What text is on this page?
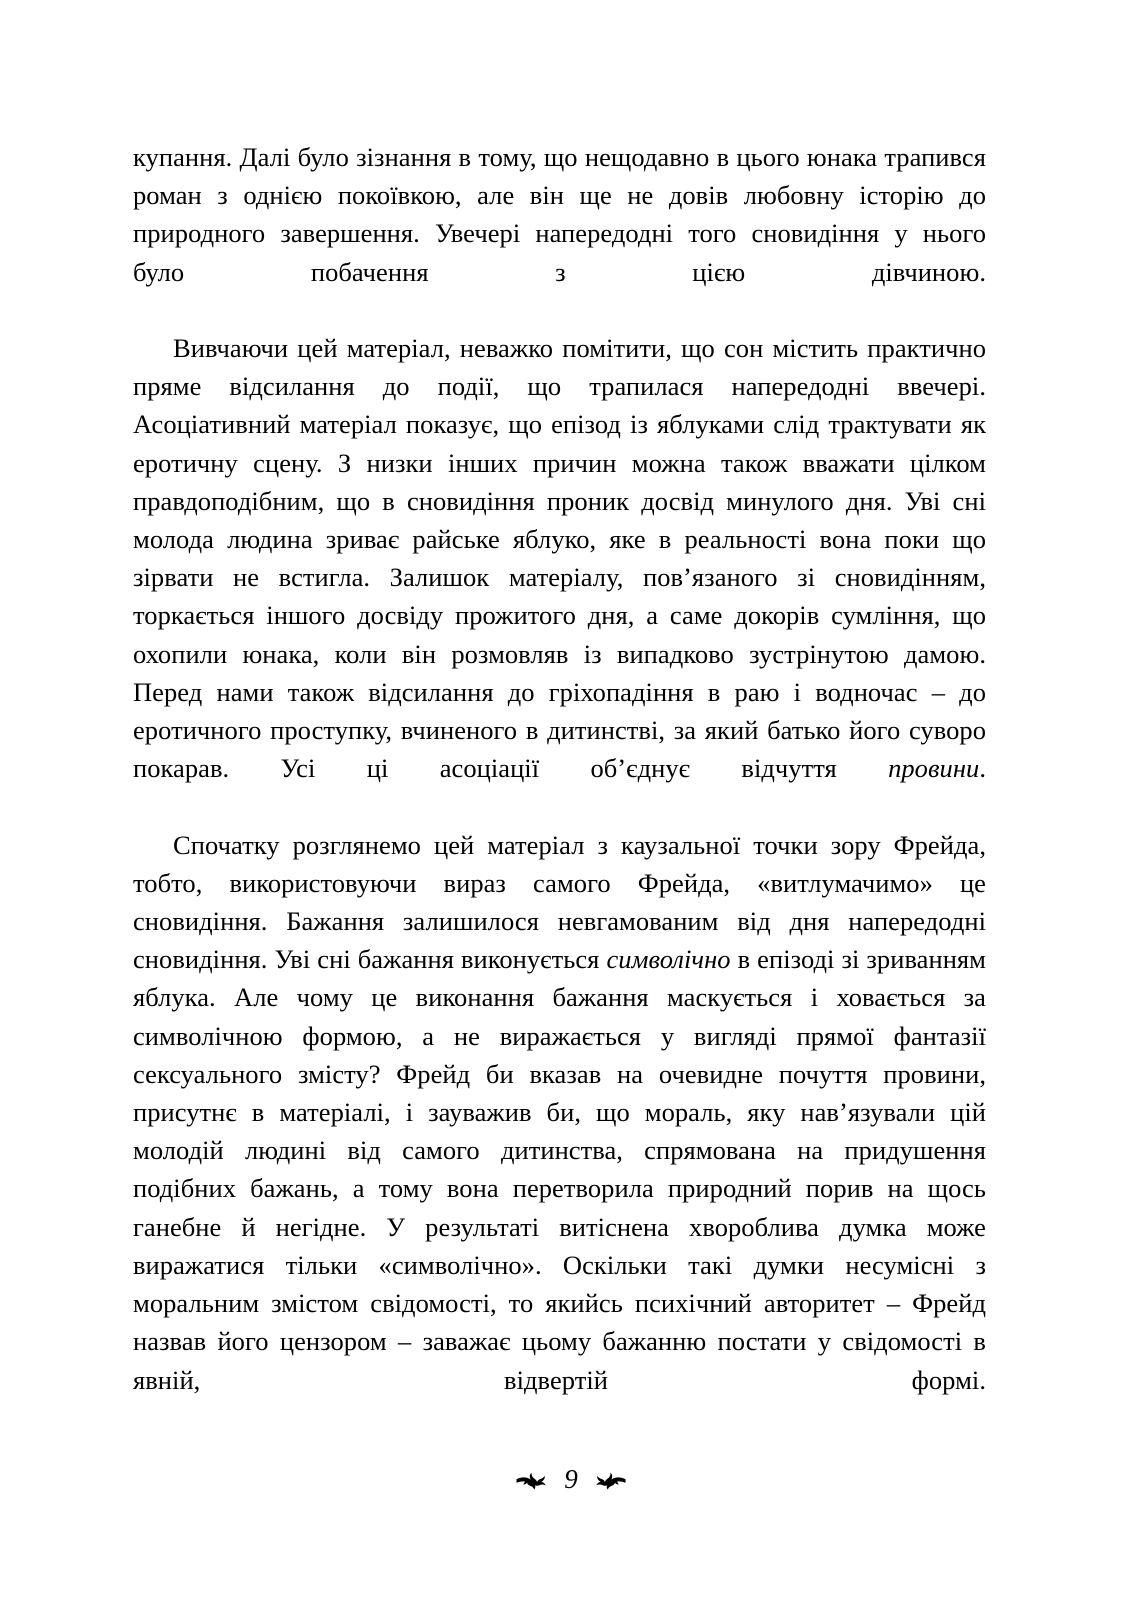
купання. Далі було зізнання в тому, що нещодавно в цього юнака трапився роман з однією покоївкою, але він ще не довів любовну історію до природного завершення. Увечері напередодні того сновидіння у нього було побачення з цією дівчиною.

Вивчаючи цей матеріал, неважко помітити, що сон містить практично пряме відсилання до події, що трапилася напередодні ввечері. Асоціативний матеріал показує, що епізод із яблуками слід трактувати як еротичну сцену. З низки інших причин можна також вважати цілком правдоподібним, що в сновидіння проник досвід минулого дня. Уві сні молода людина зриває райське яблуко, яке в реальності вона поки що зірвати не встигла. Залишок матеріалу, пов’язаного зі сновидінням, торкається іншого досвіду прожитого дня, а саме докорів сумління, що охопили юнака, коли він розмовляв із випадково зустрінутою дамою. Перед нами також відсилання до гріхопадіння в раю і водночас – до еротичного проступку, вчиненого в дитинстві, за який батько його суворо покарав. Усі ці асоціації об’єднує відчуття провини.

Спочатку розглянемо цей матеріал з каузальної точки зору Фрейда, тобто, використовуючи вираз самого Фрейда, «витлумачимо» це сновидіння. Бажання залишилося невгамованим від дня напередодні сновидіння. Уві сні бажання виконується символічно в епізоді зі зриванням яблука. Але чому це виконання бажання маскується і ховається за символічною формою, а не виражається у вигляді прямої фантазії сексуального змісту? Фрейд би вказав на очевидне почуття провини, присутнє в матеріалі, і зауважив би, що мораль, яку нав’язували цій молодій людині від самого дитинства, спрямована на придушення подібних бажань, а тому вона перетворила природний порив на щось ганебне й негідне. У результаті витіснена хвороблива думка може виражатися тільки «символічно». Оскільки такі думки несумісні з моральним змістом свідомості, то якийсь психічний авторитет – Фрейд назвав його цензором – заважає цьому бажанню постати у свідомості в явній, відвертій формі.

9
